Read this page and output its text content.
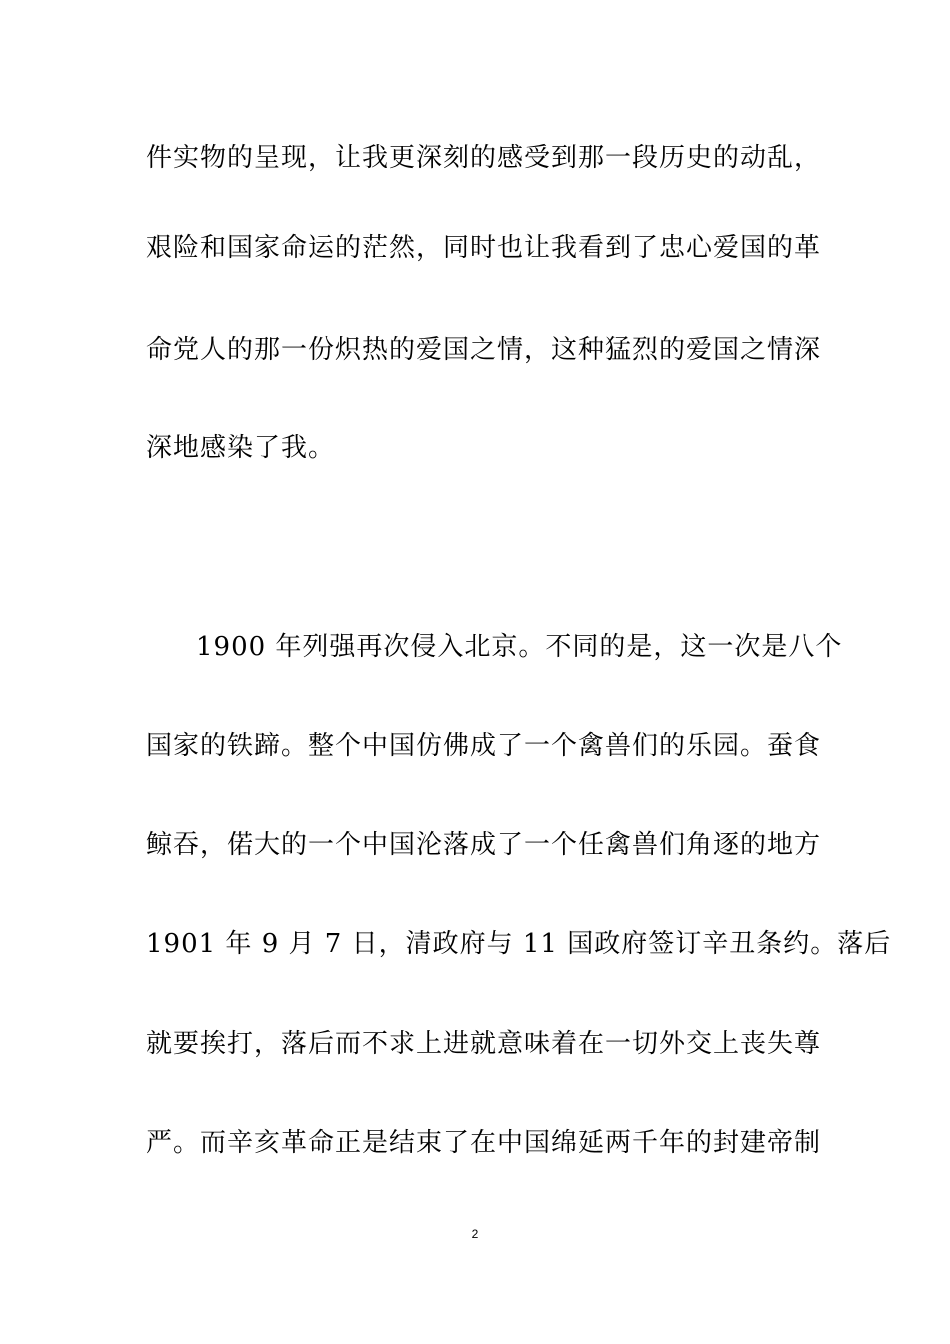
件实物的呈现，让我更深刻的感受到那一段历史的动乱，
艰险和国家命运的茫然，同时也让我看到了忠心爱国的革
命党人的那一份炽热的爱国之情，这种猛烈的爱国之情深
深地感染了我。
1900 年列强再次侵入北京。不同的是，这一次是八个
国家的铁蹄。整个中国仿佛成了一个禽兽们的乐园。蚕食
鲸吞，偌大的一个中国沦落成了一个任禽兽们角逐的地方
1901 年 9 月 7 日，清政府与 11 国政府签订辛丑条约。落后
就要挨打，落后而不求上进就意味着在一切外交上丧失尊
严。而辛亥革命正是结束了在中国绵延两千年的封建帝制
2
